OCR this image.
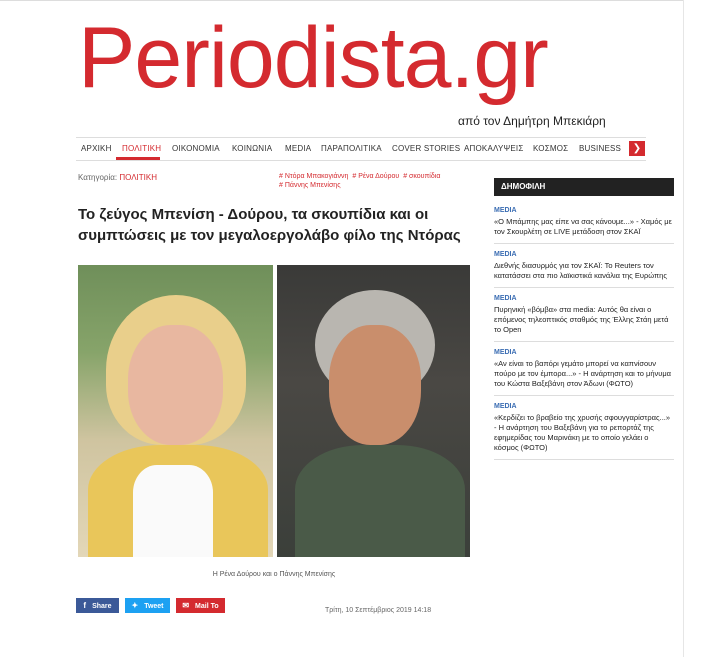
Periodista.gr
από τον Δημήτρη Μπεκιάρη
ΑΡΧΙΚΗ ΠΟΛΙΤΙΚΗ ΟΙΚΟΝΟΜΙΑ ΚΟΙΝΩΝΙΑ MEDIA ΠΑΡΑΠΟΛΙΤΙΚΑ COVER STORIES ΑΠΟΚΑΛΥΨΕΙΣ ΚΟΣΜΟΣ BUSINESS	❯
Κατηγορία: ΠΟΛΙΤΙΚΗ	# Ντόρα Μπακογιάννη # Ρένα Δούρου # σκουπίδια
# Πάννης Μπενίσης
Το ζεύγος Μπενίση - Δούρου, τα σκουπίδια και οι συμπτώσεις με τον μεγαλοεργολάβο φίλο της Ντόρας
Η Ρένα Δούρου και ο Πάννης Μπενίσης
f Share	✦ Tweet	✉ Mail To
Τρίτη, 10 Σεπτέμβριος 2019 14:18
ΔΗΜΟΦΙΛΗ
MEDIA
«Ο Μπάμπης μας είπε να σας κάνουμε...» - Χαμός με τον Σκουρλέτη σε LIVE μετάδοση στον ΣΚΑΪ
MEDIA
Διεθνής διασυρμός για τον ΣΚΑΪ: Το Reuters τον κατατάσσει στα πιο λαϊκιστικά κανάλια της Ευρώπης
MEDIA
Πυρηνική «βόμβα» στα media: Αυτός θα είναι ο επόμενος τηλεοπτικός σταθμός της Έλλης Στάη μετά το Open
MEDIA
«Αν είναι το βαπόρι γεμάτο μπορεί να καπνίσουν πούρο με τον έμπορα...» - Η ανάρτηση και το μήνυμα του Κώστα Βαξεβάνη στον Άδωνι (ΦΩΤΟ)
MEDIA
«Κερδίζει το βραβείο της χρυσής σφουγγαρίστρας...» - Η ανάρτηση του Βαξεβάνη για το ρεπορτάζ της εφημερίδας του Μαρινάκη με το οποίο γελάει ο κόσμος (ΦΩΤΟ)
